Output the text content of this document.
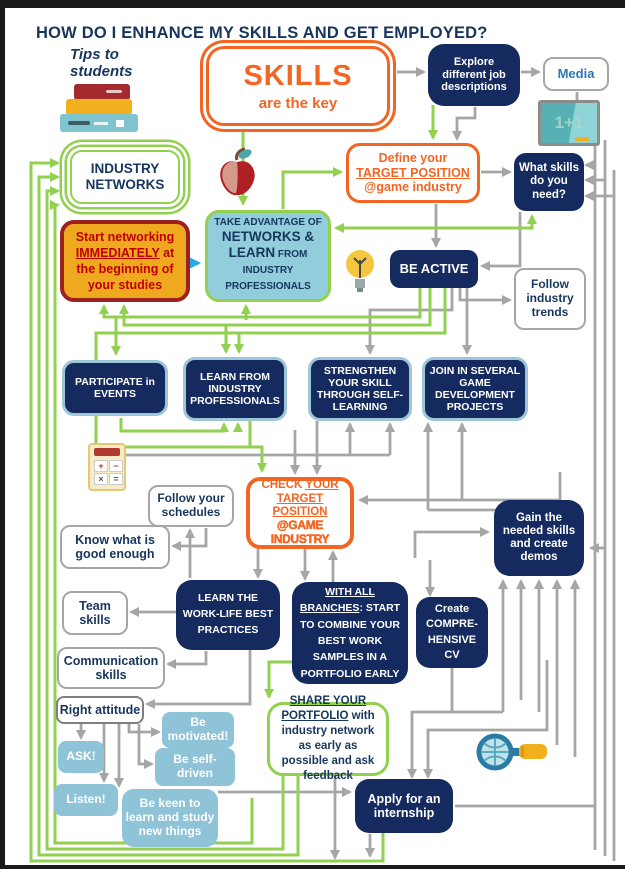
HOW DO I ENHANCE MY SKILLS AND GET EMPLOYED?
Tips to students	SKILLS
are the key
Explore different job descriptions
Media
1+1
INDUSTRY NETWORKS
Define your
TARGET POSITION
@game industry
What skills do you need?
Start networking IMMEDIATELY at the beginning of your studies
TAKE ADVANTAGE OF
NETWORKS &
LEARN FROM
INDUSTRY PROFESSIONALS
BE ACTIVE
Follow industry trends
PARTICIPATE in EVENTS
LEARN FROM INDUSTRY PROFESSIONALS
STRENGTHEN YOUR SKILL THROUGH SELF-LEARNING
JOIN IN SEVERAL GAME DEVELOPMENT PROJECTS
+	−
×	=
Follow your schedules
Know what is good enough
CHECK YOUR
TARGET POSITION
@GAME INDUSTRY
Gain the needed skills and create demos
Team skills
LEARN THE WORK-LIFE BEST PRACTICES
WITH ALL BRANCHES: START TO COMBINE YOUR BEST WORK SAMPLES IN A PORTFOLIO EARLY
Create COMPRE- HENSIVE CV
Communication skills
Right attitude
Be motivated!
ASK!	Be self- driven
Listen!	Be keen to learn and study new things
SHARE YOUR PORTFOLIO with industry network as early as possible and ask feedback
Apply for an internship
